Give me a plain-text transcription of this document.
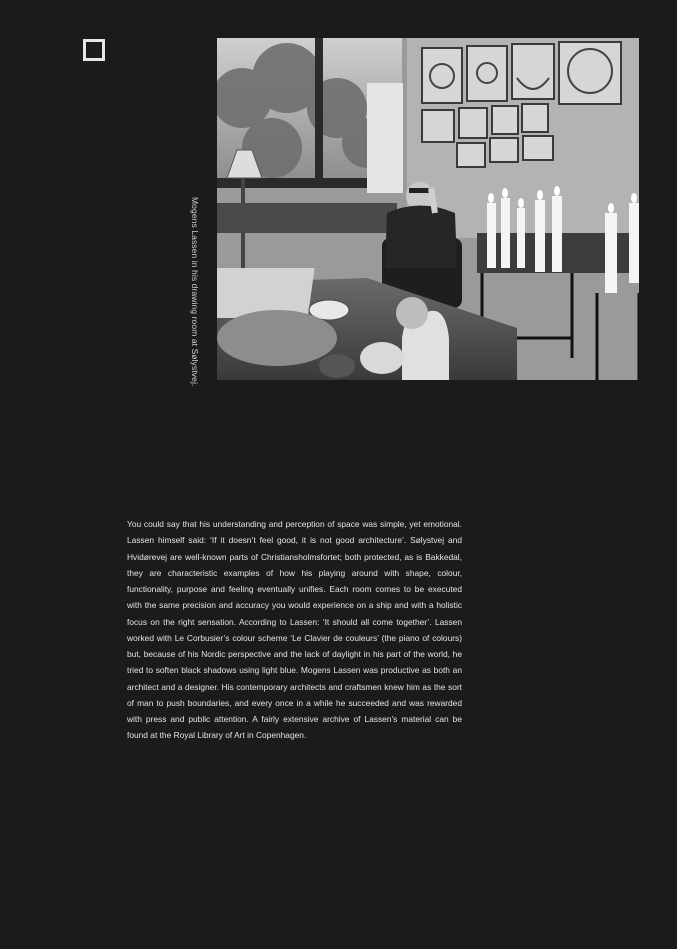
Mogens Lassen in his drawing room at Sølystvej.
You could say that his understanding and perception of space was simple, yet emotional. Lassen himself said: ‘If it doesn’t feel good, it is not good architecture’. Sølystvej and Hvidørevej are well-known parts of Christiansholmsfortet; both protected, as is Bakkedal, they are characteristic examples of how his playing around with shape, colour, functionality, purpose and feeling eventually unifies. Each room comes to be executed with the same precision and accuracy you would experience on a ship and with a holistic focus on the right sensation. According to Lassen: ‘It should all come together’. Lassen worked with Le Corbusier’s colour scheme ‘Le Clavier de couleurs’ (the piano of colours) but, because of his Nordic perspective and the lack of daylight in his part of the world, he tried to soften black shadows using light blue. Mogens Lassen was productive as both an architect and a designer. His contemporary architects and craftsmen knew him as the sort of man to push boundaries, and every once in a while he succeeded and was rewarded with press and public attention. A fairly extensive archive of Lassen’s material can be found at the Royal Library of Art in Copenhagen.
